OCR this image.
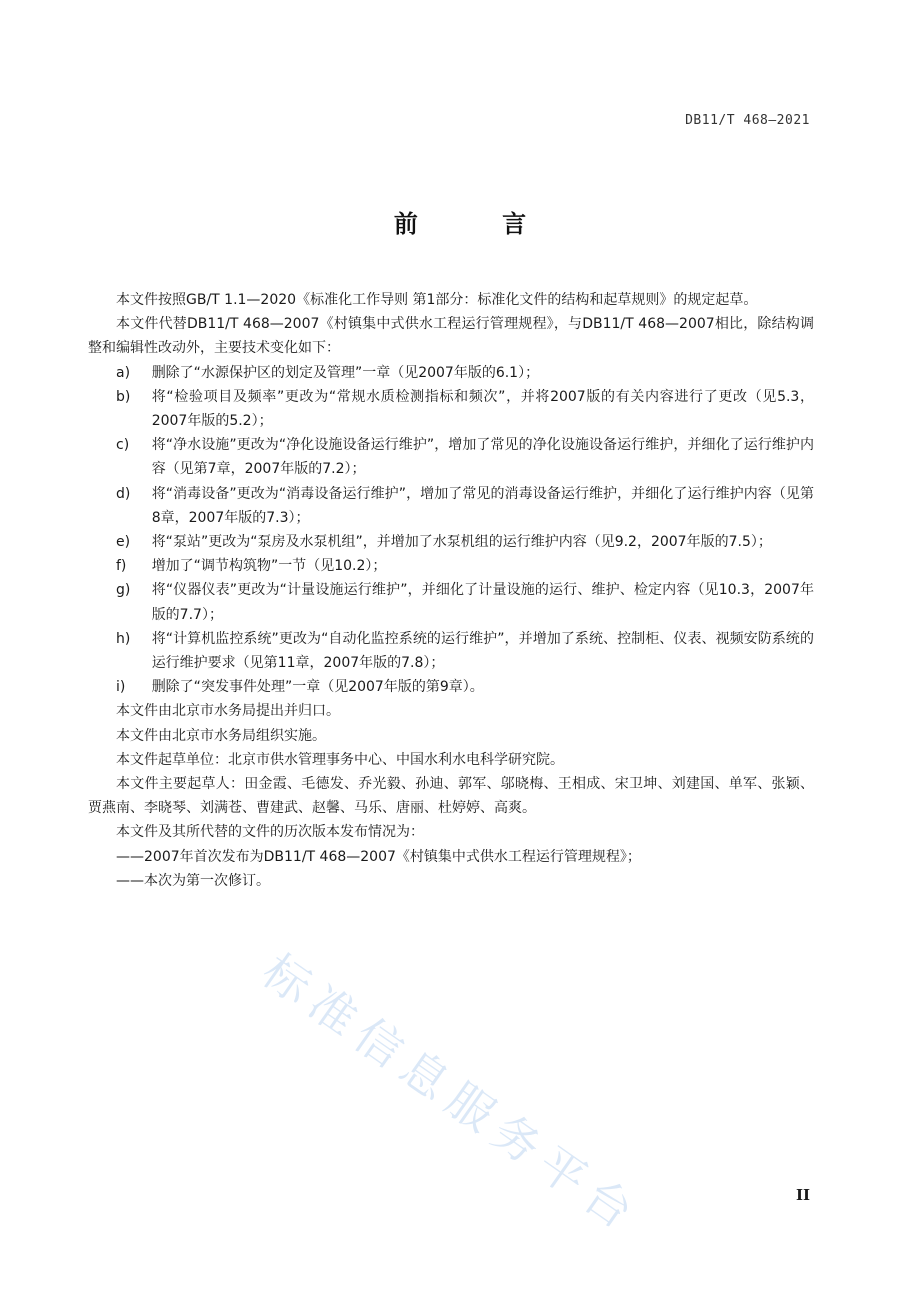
DB11/T 468—2021
前 言

本文件按照GB/T 1.1—2020《标准化工作导则 第1部分：标准化文件的结构和起草规则》的规定起草。

本文件代替DB11/T 468—2007《村镇集中式供水工程运行管理规程》，与DB11/T 468—2007相比，除结构调整和编辑性改动外，主要技术变化如下：

a)	删除了“水源保护区的划定及管理”一章（见2007年版的6.1）；
b)	将“检验项目及频率”更改为“常规水质检测指标和频次”，并将2007版的有关内容进行了更改（见5.3，2007年版的5.2）；
c)	将“净水设施”更改为“净化设施设备运行维护”，增加了常见的净化设施设备运行维护，并细化了运行维护内容（见第7章，2007年版的7.2）；
d)	将“消毒设备”更改为“消毒设备运行维护”，增加了常见的消毒设备运行维护，并细化了运行维护内容（见第8章，2007年版的7.3）；
e)	将“泵站”更改为“泵房及水泵机组”，并增加了水泵机组的运行维护内容（见9.2，2007年版的7.5）；
f)	增加了“调节构筑物”一节（见10.2）；
g)	将“仪器仪表”更改为“计量设施运行维护”，并细化了计量设施的运行、维护、检定内容（见10.3，2007年版的7.7）；
h)	将“计算机监控系统”更改为“自动化监控系统的运行维护”，并增加了系统、控制柜、仪表、视频安防系统的运行维护要求（见第11章，2007年版的7.8）；
i)	删除了“突发事件处理”一章（见2007年版的第9章）。

本文件由北京市水务局提出并归口。

本文件由北京市水务局组织实施。

本文件起草单位：北京市供水管理事务中心、中国水利水电科学研究院。

本文件主要起草人：田金霞、毛德发、乔光毅、孙迪、郭军、邬晓梅、王相成、宋卫坤、刘建国、单军、张颖、贾燕南、李晓琴、刘满苍、曹建武、赵馨、马乐、唐丽、杜婷婷、高爽。

本文件及其所代替的文件的历次版本发布情况为：

——2007年首次发布为DB11/T 468—2007《村镇集中式供水工程运行管理规程》；

——本次为第一次修订。

标准信息服务平台	II
